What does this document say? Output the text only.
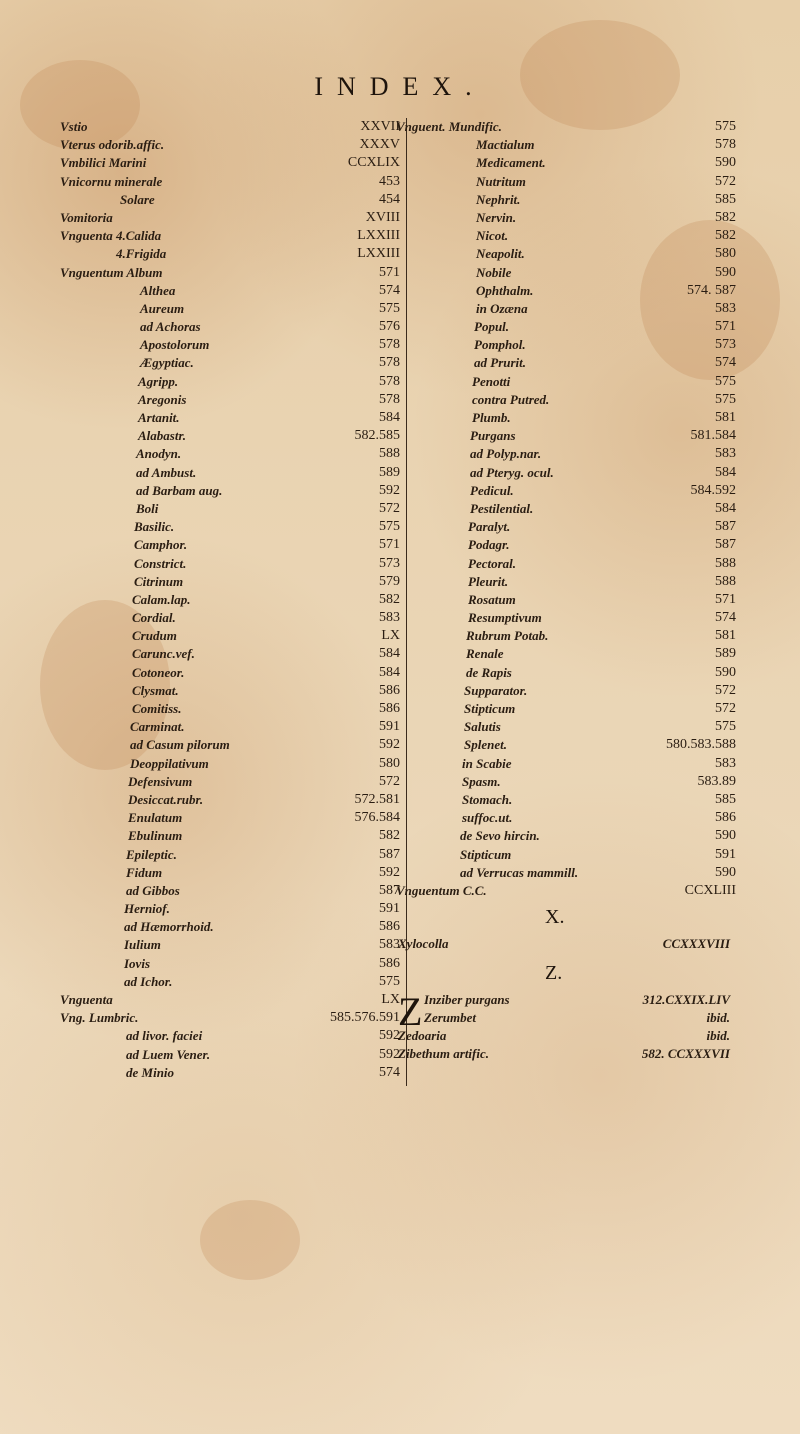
INDEX.
Vstio	XXVII
Vterus odorib.affic.	XXXV
Vmbilici Marini	CCXLIX
Vnicornu minerale	453
Solare	454
Vomitoria	XVIII
Vnguenta 4.Calida	LXXIII
4.Frigida	LXXIII
Vnguentum Album	571
Althea	574
Aureum	575
ad Achoras	576
Apostolorum	578
Ægyptiac.	578
Agripp.	578
Aregonis	578
Artanit.	584
Alabastr.	582.585
Anodyn.	588
ad Ambust.	589
ad Barbam aug.	592
Boli	572
Basilic.	575
Camphor.	571
Constrict.	573
Citrinum	579
Calam.lap.	582
Cordial.	583
Crudum	LX
Carunc.vef.	584
Cotoneor.	584
Clysmat.	586
Comitiss.	586
Carminat.	591
ad Casum pilorum	592
Deoppilativum	580
Defensivum	572
Desiccat.rubr.	572.581
Enulatum	576.584
Ebulinum	582
Epileptic.	587
Fidum	592
ad Gibbos	587
Herniof.	591
ad Hæmorrhoid.	586
Iulium	583
Iovis	586
ad Ichor.	575
Vnguenta	LX
Vng. Lumbric.	585.576.591
ad livor. faciei	592
ad Luem Vener.	592
de Minio	574
Vnguent. Mundific.	575
Mactialum	578
Medicament.	590
Nutritum	572
Nephrit.	585
Nervin.	582
Nicot.	582
Neapolit.	580
Nobile	590
Ophthalm.	574. 587
in Ozæna	583
Popul.	571
Pomphol.	573
ad Prurit.	574
Penotti	575
contra Putred.	575
Plumb.	581
Purgans	581.584
ad Polyp.nar.	583
ad Pteryg. ocul.	584
Pedicul.	584.592
Pestilential.	584
Paralyt.	587
Podagr.	587
Pectoral.	588
Pleurit.	588
Rosatum	571
Resumptivum	574
Rubrum Potab.	581
Renale	589
de Rapis	590
Supparator.	572
Stipticum	572
Salutis	575
Splenet.	580.583.588
in Scabie	583
Spasm.	583.89
Stomach.	585
suffoc.ut.	586
de Sevo hircin.	590
Stipticum	591
ad Verrucas mammill.	590
Vnguentum C.C.	CCXLIII
X.
Xylocolla	CCXXXVIII
Z.
Z Inziber purgans	312.CXXIX.LIV
Zerumbet	ibid.
Zedoaria	ibid.
Zibethum artific.	582. CCXXXVII
